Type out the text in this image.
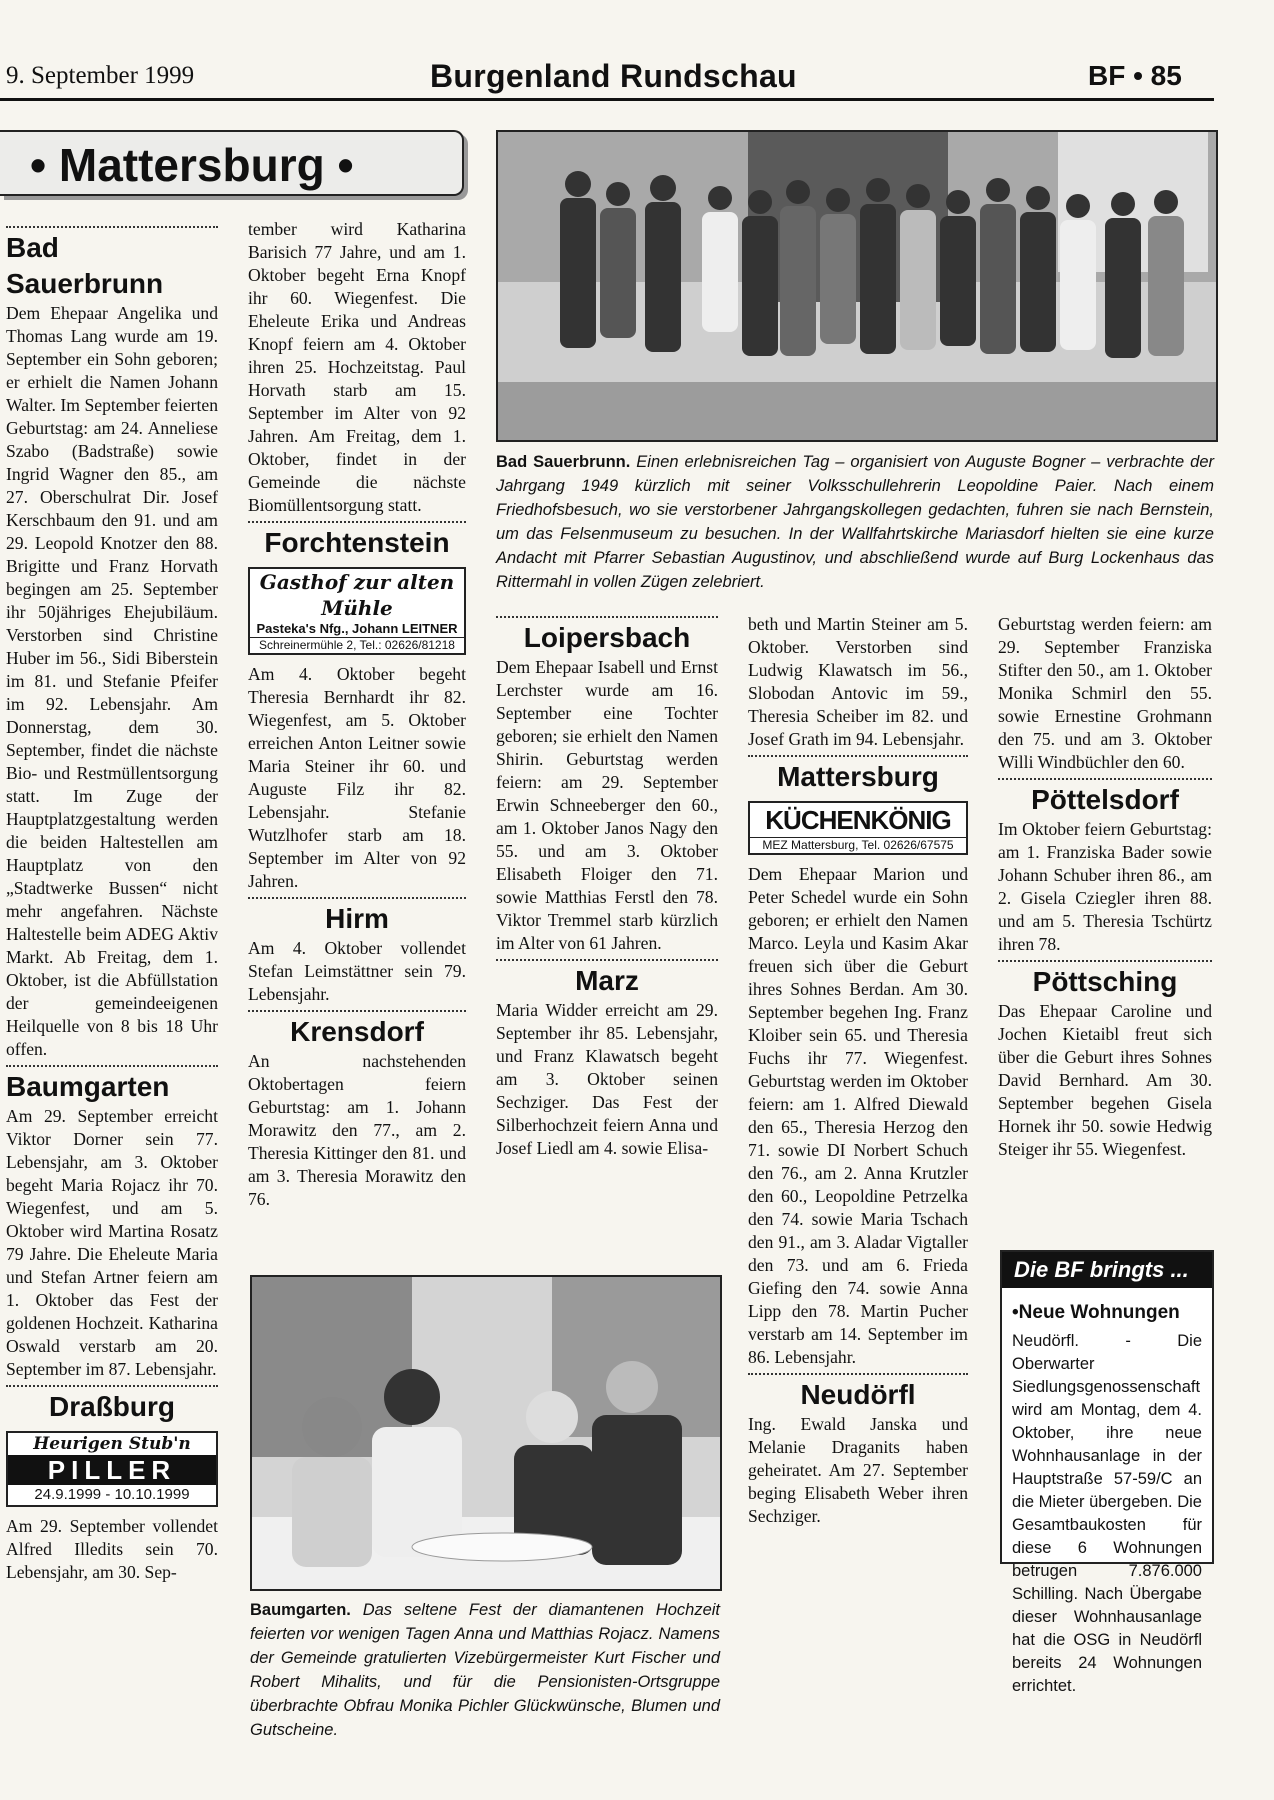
9. September 1999	Burgenland Rundschau	BF • 85
• Mattersburg •
Bad Sauerbrunn

Dem Ehepaar Angelika und Thomas Lang wurde am 19. September ein Sohn geboren; er erhielt die Namen Johann Walter. Im September feierten Geburtstag: am 24. Anneliese Szabo (Badstraße) sowie Ingrid Wagner den 85., am 27. Oberschulrat Dir. Josef Kerschbaum den 91. und am 29. Leopold Knotzer den 88. Brigitte und Franz Horvath begingen am 25. September ihr 50jähriges Ehejubiläum. Verstorben sind Christine Huber im 56., Sidi Biberstein im 81. und Stefanie Pfeifer im 92. Lebensjahr. Am Donnerstag, dem 30. September, findet die nächste Bio- und Restmüllentsorgung statt. Im Zuge der Hauptplatzgestaltung werden die beiden Haltestellen am Hauptplatz von den „Stadtwerke Bussen“ nicht mehr angefahren. Nächste Haltestelle beim ADEG Aktiv Markt. Ab Freitag, dem 1. Oktober, ist die Abfüllstation der gemeindeeigenen Heilquelle von 8 bis 18 Uhr offen.

Baumgarten

Am 29. September erreicht Viktor Dorner sein 77. Lebensjahr, am 3. Oktober begeht Maria Rojacz ihr 70. Wiegenfest, und am 5. Oktober wird Martina Rosatz 79 Jahre. Die Eheleute Maria und Stefan Artner feiern am 1. Oktober das Fest der goldenen Hochzeit. Katharina Oswald verstarb am 20. September im 87. Lebensjahr.

Draßburg
Heurigen Stub'n
PILLER
24.9.1999 - 10.10.1999

Am 29. September vollendet Alfred Illedits sein 70. Lebensjahr, am 30. Sep-

tember wird Katharina Barisich 77 Jahre, und am 1. Oktober begeht Erna Knopf ihr 60. Wiegenfest. Die Eheleute Erika und Andreas Knopf feiern am 4. Oktober ihren 25. Hochzeitstag. Paul Horvath starb am 15. September im Alter von 92 Jahren. Am Freitag, dem 1. Oktober, findet in der Gemeinde die nächste Biomüllentsorgung statt.

Forchtenstein
Gasthof zur alten Mühle
Pasteka's Nfg., Johann LEITNER
Schreinermühle 2, Tel.: 02626/81218

Am 4. Oktober begeht Theresia Bernhardt ihr 82. Wiegenfest, am 5. Oktober erreichen Anton Leitner sowie Maria Steiner ihr 60. und Auguste Filz ihr 82. Lebensjahr. Stefanie Wutzlhofer starb am 18. September im Alter von 92 Jahren.

Hirm

Am 4. Oktober vollendet Stefan Leimstättner sein 79. Lebensjahr.

Krensdorf

An nachstehenden Oktobertagen feiern Geburtstag: am 1. Johann Morawitz den 77., am 2. Theresia Kittinger den 81. und am 3. Theresia Morawitz den 76.

Bad Sauerbrunn. Einen erlebnisreichen Tag – organisiert von Auguste Bogner – verbrachte der Jahrgang 1949 kürzlich mit seiner Volksschullehrerin Leopoldine Paier. Nach einem Friedhofsbesuch, wo sie verstorbener Jahrgangskollegen gedachten, fuhren sie nach Bernstein, um das Felsenmuseum zu besuchen. In der Wallfahrtskirche Mariasdorf hielten sie eine kurze Andacht mit Pfarrer Sebastian Augustinov, und abschließend wurde auf Burg Lockenhaus das Rittermahl in vollen Zügen zelebriert.
Loipersbach

Dem Ehepaar Isabell und Ernst Lerchster wurde am 16. September eine Tochter geboren; sie erhielt den Namen Shirin. Geburtstag werden feiern: am 29. September Erwin Schneeberger den 60., am 1. Oktober Janos Nagy den 55. und am 3. Oktober Elisabeth Floiger den 71. sowie Matthias Ferstl den 78. Viktor Tremmel starb kürzlich im Alter von 61 Jahren.

Marz

Maria Widder erreicht am 29. September ihr 85. Lebensjahr, und Franz Klawatsch begeht am 3. Oktober seinen Sechziger. Das Fest der Silberhochzeit feiern Anna und Josef Liedl am 4. sowie Elisa-

beth und Martin Steiner am 5. Oktober. Verstorben sind Ludwig Klawatsch im 56., Slobodan Antovic im 59., Theresia Scheiber im 82. und Josef Grath im 94. Lebensjahr.

Mattersburg
KÜCHENKÖNIG
MEZ Mattersburg, Tel. 02626/67575

Dem Ehepaar Marion und Peter Schedel wurde ein Sohn geboren; er erhielt den Namen Marco. Leyla und Kasim Akar freuen sich über die Geburt ihres Sohnes Berdan. Am 30. September begehen Ing. Franz Kloiber sein 65. und Theresia Fuchs ihr 77. Wiegenfest. Geburtstag werden im Oktober feiern: am 1. Alfred Diewald den 65., Theresia Herzog den 71. sowie DI Norbert Schuch den 76., am 2. Anna Krutzler den 60., Leopoldine Petrzelka den 74. sowie Maria Tschach den 91., am 3. Aladar Vigtaller den 73. und am 6. Frieda Giefing den 74. sowie Anna Lipp den 78. Martin Pucher verstarb am 14. September im 86. Lebensjahr.

Neudörfl

Ing. Ewald Janska und Melanie Draganits haben geheiratet. Am 27. September beging Elisabeth Weber ihren Sechziger.

Geburtstag werden feiern: am 29. September Franziska Stifter den 50., am 1. Oktober Monika Schmirl den 55. sowie Ernestine Grohmann den 75. und am 3. Oktober Willi Windbüchler den 60.

Pöttelsdorf

Im Oktober feiern Geburtstag: am 1. Franziska Bader sowie Johann Schuber ihren 86., am 2. Gisela Cziegler ihren 88. und am 5. Theresia Tschürtz ihren 78.

Pöttsching

Das Ehepaar Caroline und Jochen Kietaibl freut sich über die Geburt ihres Sohnes David Bernhard. Am 30. September begehen Gisela Hornek ihr 50. sowie Hedwig Steiger ihr 55. Wiegenfest.

Baumgarten. Das seltene Fest der diamantenen Hochzeit feierten vor wenigen Tagen Anna und Matthias Rojacz. Namens der Gemeinde gratulierten Vizebürgermeister Kurt Fischer und Robert Mihalits, und für die Pensionisten-Ortsgruppe überbrachte Obfrau Monika Pichler Glückwünsche, Blumen und Gutscheine.
Die BF bringts ...
•Neue Wohnungen
Neudörfl. - Die Oberwarter Siedlungsgenossenschaft wird am Montag, dem 4. Oktober, ihre neue Wohnhausanlage in der Hauptstraße 57-59/C an die Mieter übergeben. Die Gesamtbaukosten für diese 6 Wohnungen betrugen 7.876.000 Schilling. Nach Übergabe dieser Wohnhausanlage hat die OSG in Neudörfl bereits 24 Wohnungen errichtet.
